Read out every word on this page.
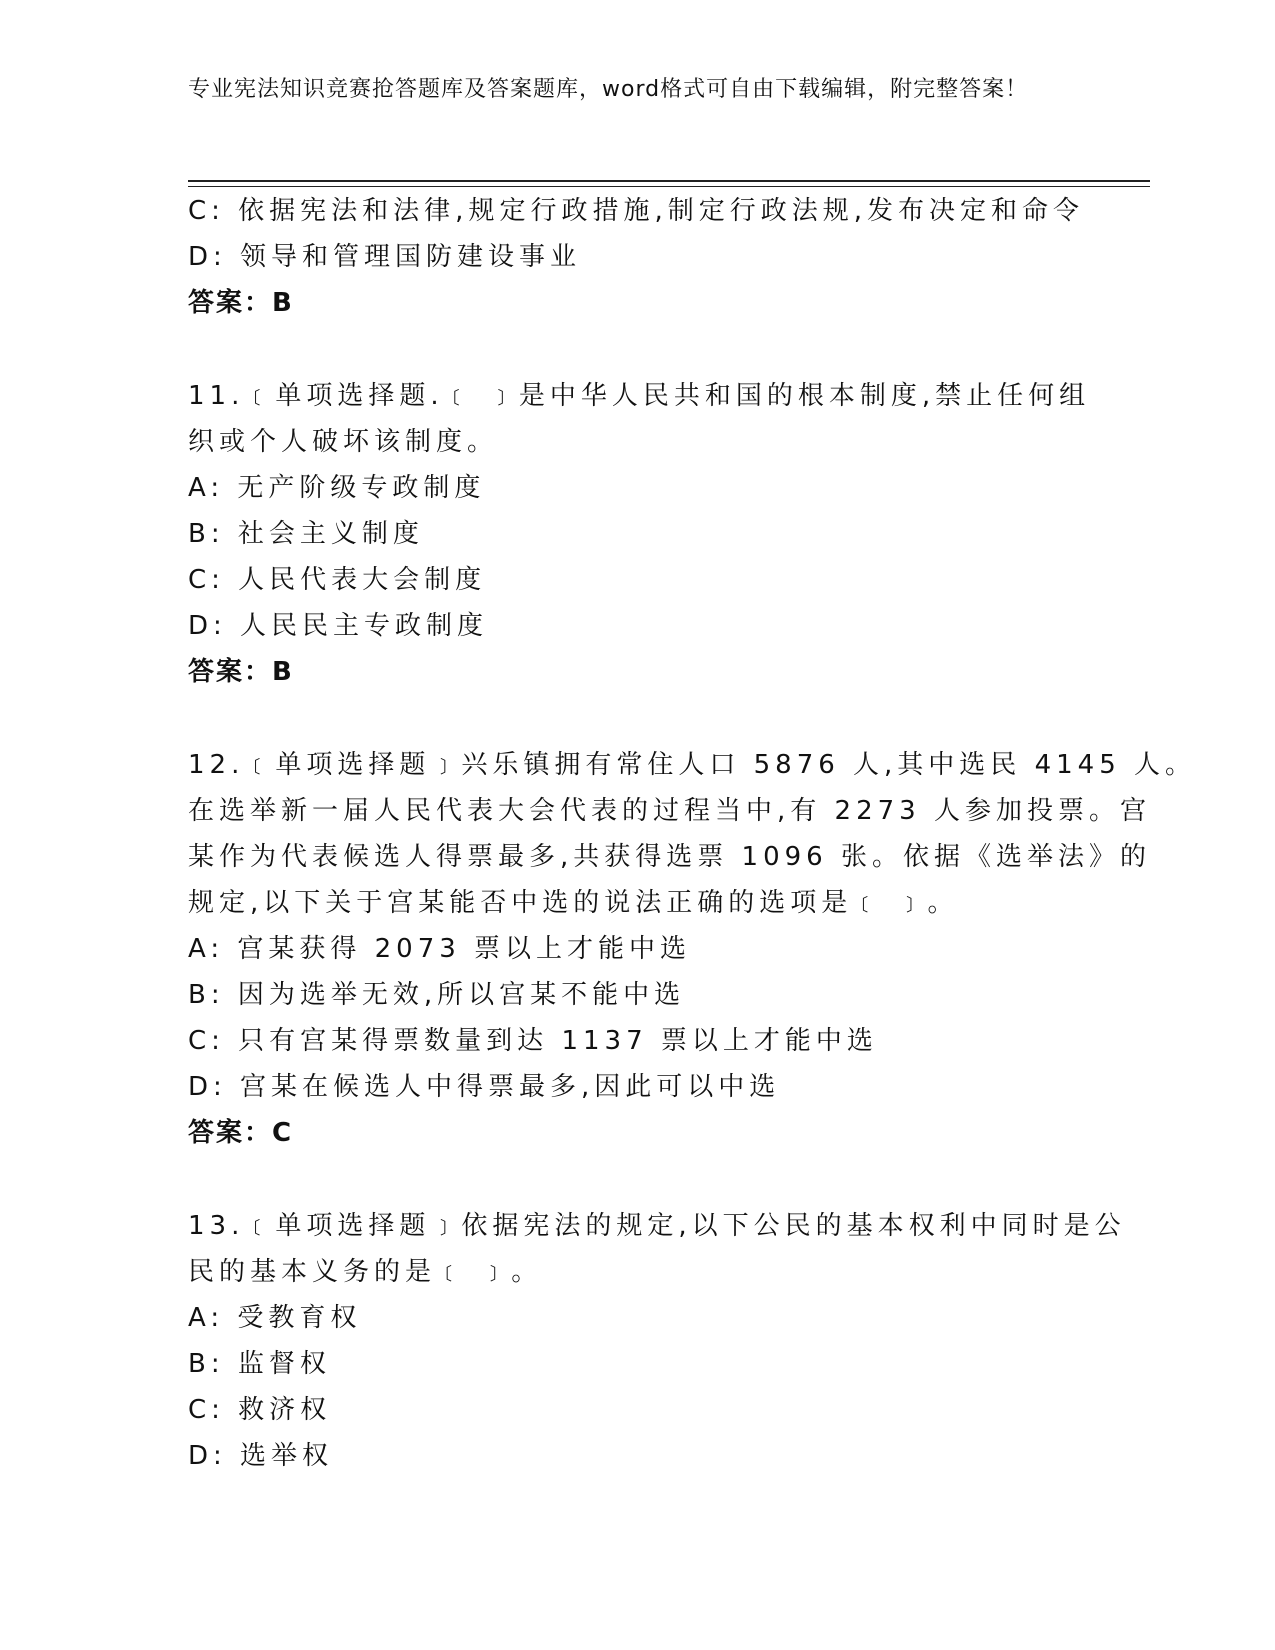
专业宪法知识竞赛抢答题库及答案题库，word格式可自由下载编辑，附完整答案！
C: 依据宪法和法律,规定行政措施,制定行政法规,发布决定和命令
D: 领导和管理国防建设事业
答案：B
11.﹝单项选择题.﹝ ﹞是中华人民共和国的根本制度,禁止任何组
织或个人破坏该制度。
A: 无产阶级专政制度
B: 社会主义制度
C: 人民代表大会制度
D: 人民民主专政制度
答案：B
12.﹝单项选择题﹞兴乐镇拥有常住人口 5876 人,其中选民 4145 人。
在选举新一届人民代表大会代表的过程当中,有 2273 人参加投票。宫
某作为代表候选人得票最多,共获得选票 1096 张。依据《选举法》的
规定,以下关于宫某能否中选的说法正确的选项是﹝ ﹞。
A: 宫某获得 2073 票以上才能中选
B: 因为选举无效,所以宫某不能中选
C: 只有宫某得票数量到达 1137 票以上才能中选
D: 宫某在候选人中得票最多,因此可以中选
答案：C
13.﹝单项选择题﹞依据宪法的规定,以下公民的基本权利中同时是公
民的基本义务的是﹝ ﹞。
A: 受教育权
B: 监督权
C: 救济权
D: 选举权
